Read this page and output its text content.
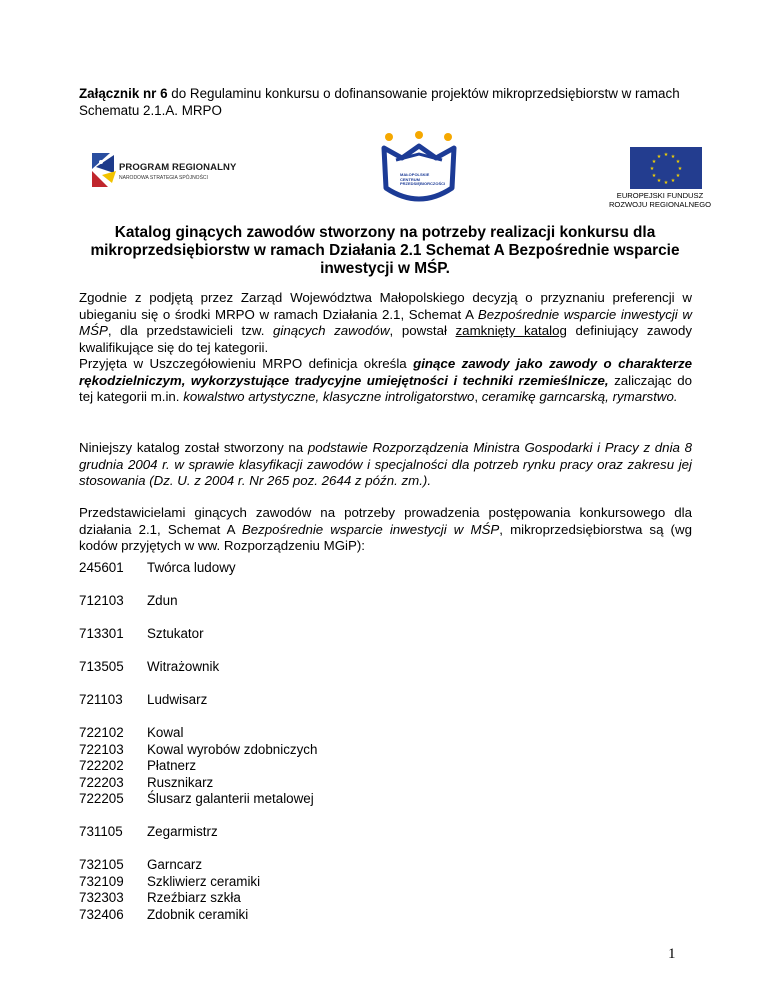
Załącznik nr 6 do Regulaminu konkursu o dofinansowanie projektów mikroprzedsiębiorstw w ramach Schematu 2.1.A. MRPO
PROGRAM REGIONALNY
NARODOWA STRATEGIA SPÓJNOŚCI
MAŁOPOLSKIE CENTRUM PRZEDSIĘBIORCZOŚCI
★ ★
★
★
★
★
★
★
★
★
★
★
EUROPEJSKI FUNDUSZ
ROZWOJU REGIONALNEGO
Katalog ginących zawodów stworzony na potrzeby realizacji konkursu dla mikroprzedsiębiorstw w ramach Działania 2.1 Schemat A Bezpośrednie wsparcie inwestycji w MŚP.
Zgodnie z podjętą przez Zarząd Województwa Małopolskiego decyzją o przyznaniu preferencji w ubieganiu się o środki MRPO w ramach Działania 2.1, Schemat A Bezpośrednie wsparcie inwestycji w MŚP, dla przedstawicieli tzw. ginących zawodów, powstał zamknięty katalog definiujący zawody kwalifikujące się do tej kategorii.
Przyjęta w Uszczegółowieniu MRPO definicja określa ginące zawody jako zawody o charakterze rękodzielniczym, wykorzystujące tradycyjne umiejętności i techniki rzemieślnicze, zaliczając do tej kategorii m.in. kowalstwo artystyczne, klasyczne introligatorstwo, ceramikę garncarską, rymarstwo.
Niniejszy katalog został stworzony na podstawie Rozporządzenia Ministra Gospodarki i Pracy z dnia 8 grudnia 2004 r. w sprawie klasyfikacji zawodów i specjalności dla potrzeb rynku pracy oraz zakresu jej stosowania (Dz. U. z 2004 r. Nr 265 poz. 2644 z późn. zm.).
Przedstawicielami ginących zawodów na potrzeby prowadzenia postępowania konkursowego dla działania 2.1, Schemat A Bezpośrednie wsparcie inwestycji w MŚP, mikroprzedsiębiorstwa są (wg kodów przyjętych w ww. Rozporządzeniu MGiP):
245601	Twórca ludowy
712103	Zdun
713301	Sztukator
713505	Witrażownik
721103	Ludwisarz
722102	Kowal
722103	Kowal wyrobów zdobniczych
722202	Płatnerz
722203	Rusznikarz
722205	Ślusarz galanterii metalowej
731105	Zegarmistrz
732105	Garncarz
732109	Szkliwierz ceramiki
732303	Rzeźbiarz szkła
732406	Zdobnik ceramiki
1
